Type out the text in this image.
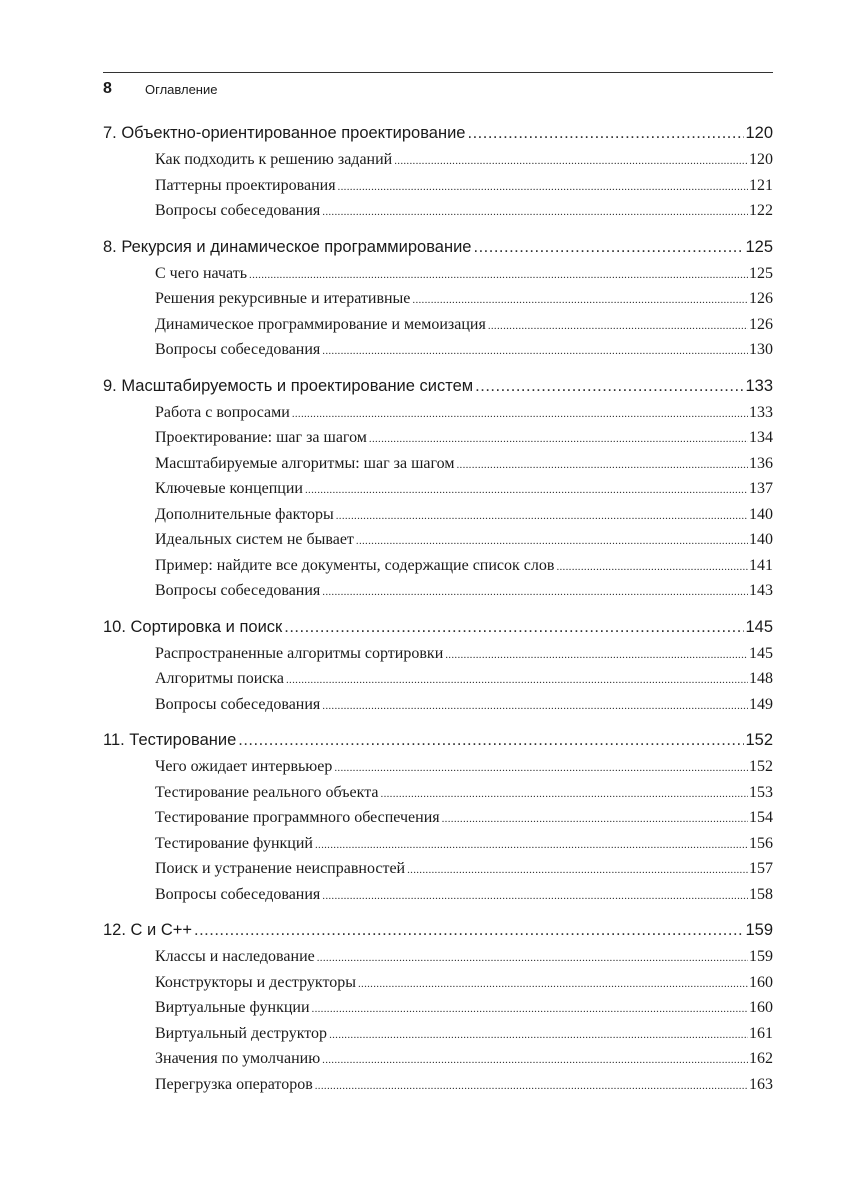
8	Оглавление
7. Объектно-ориентированное проектирование .....	120
Как подходить к решению заданий .....	120
Паттерны проектирования .....	121
Вопросы собеседования .....	122
8. Рекурсия и динамическое программирование .....	125
С чего начать .....	125
Решения рекурсивные и итеративные .....	126
Динамическое программирование и мемоизация .....	126
Вопросы собеседования .....	130
9. Масштабируемость и проектирование систем .....	133
Работа с вопросами .....	133
Проектирование: шаг за шагом .....	134
Масштабируемые алгоритмы: шаг за шагом .....	136
Ключевые концепции .....	137
Дополнительные факторы .....	140
Идеальных систем не бывает .....	140
Пример: найдите все документы, содержащие список слов .....	141
Вопросы собеседования .....	143
10. Сортировка и поиск .....	145
Распространенные алгоритмы сортировки .....	145
Алгоритмы поиска .....	148
Вопросы собеседования .....	149
11. Тестирование .....	152
Чего ожидает интервьюер .....	152
Тестирование реального объекта .....	153
Тестирование программного обеспечения .....	154
Тестирование функций .....	156
Поиск и устранение неисправностей .....	157
Вопросы собеседования .....	158
12. С и С++ .....	159
Классы и наследование .....	159
Конструкторы и деструкторы .....	160
Виртуальные функции .....	160
Виртуальный деструктор .....	161
Значения по умолчанию .....	162
Перегрузка операторов .....	163
